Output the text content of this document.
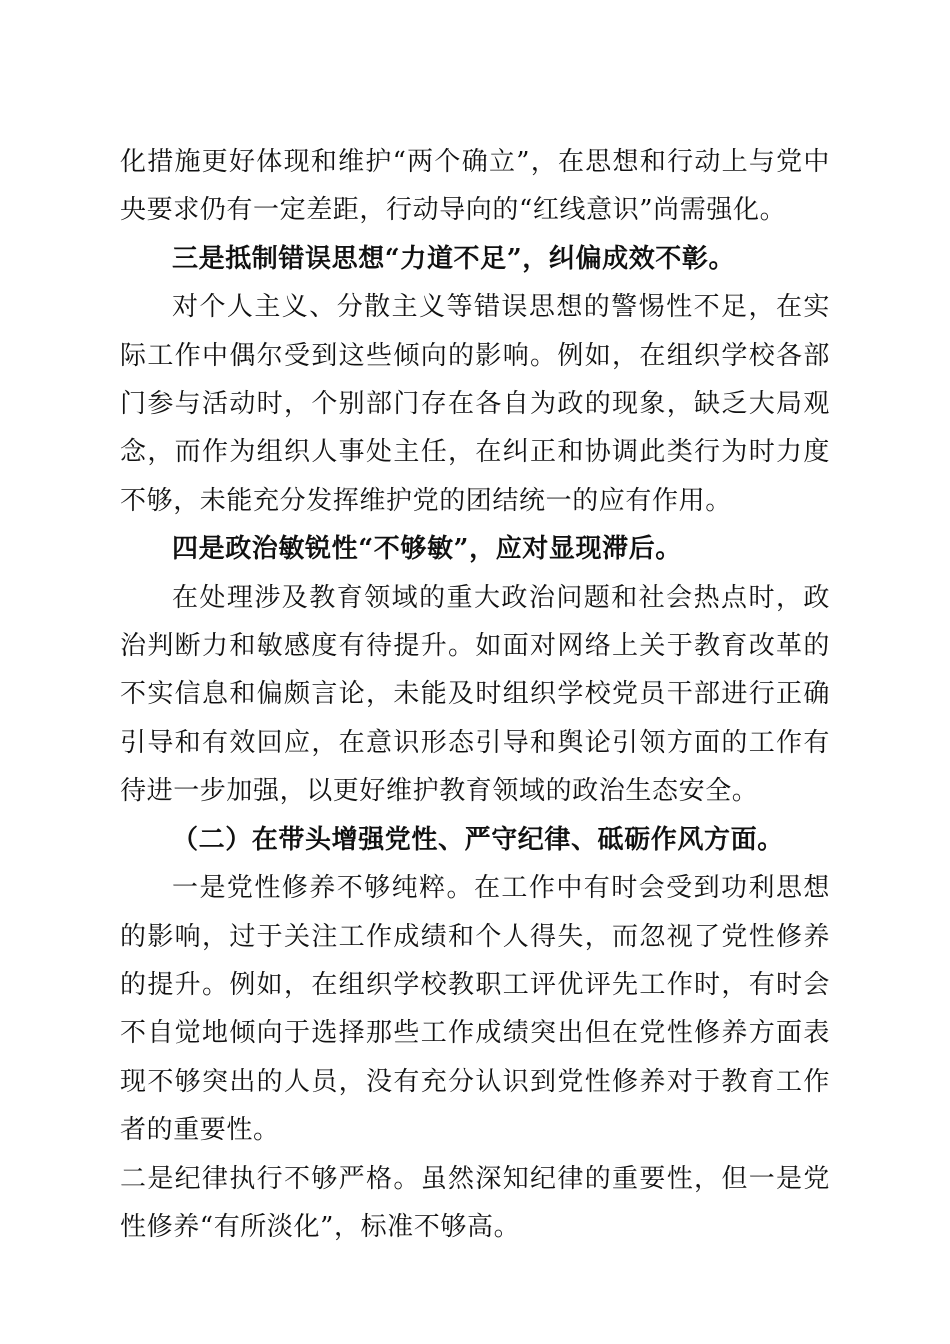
化措施更好体现和维护“两个确立”，在思想和行动上与党中央要求仍有一定差距，行动导向的“红线意识”尚需强化。

三是抵制错误思想“力道不足”，纠偏成效不彰。

对个人主义、分散主义等错误思想的警惕性不足，在实际工作中偶尔受到这些倾向的影响。例如，在组织学校各部门参与活动时，个别部门存在各自为政的现象，缺乏大局观念，而作为组织人事处主任，在纠正和协调此类行为时力度不够，未能充分发挥维护党的团结统一的应有作用。

四是政治敏锐性“不够敏”，应对显现滞后。

在处理涉及教育领域的重大政治问题和社会热点时，政治判断力和敏感度有待提升。如面对网络上关于教育改革的不实信息和偏颇言论，未能及时组织学校党员干部进行正确引导和有效回应，在意识形态引导和舆论引领方面的工作有待进一步加强，以更好维护教育领域的政治生态安全。

（二）在带头增强党性、严守纪律、砥砺作风方面。

一是党性修养不够纯粹。在工作中有时会受到功利思想的影响，过于关注工作成绩和个人得失，而忽视了党性修养的提升。例如，在组织学校教职工评优评先工作时，有时会不自觉地倾向于选择那些工作成绩突出但在党性修养方面表现不够突出的人员，没有充分认识到党性修养对于教育工作者的重要性。

二是纪律执行不够严格。虽然深知纪律的重要性，但一是党性修养“有所淡化”，标准不够高。
